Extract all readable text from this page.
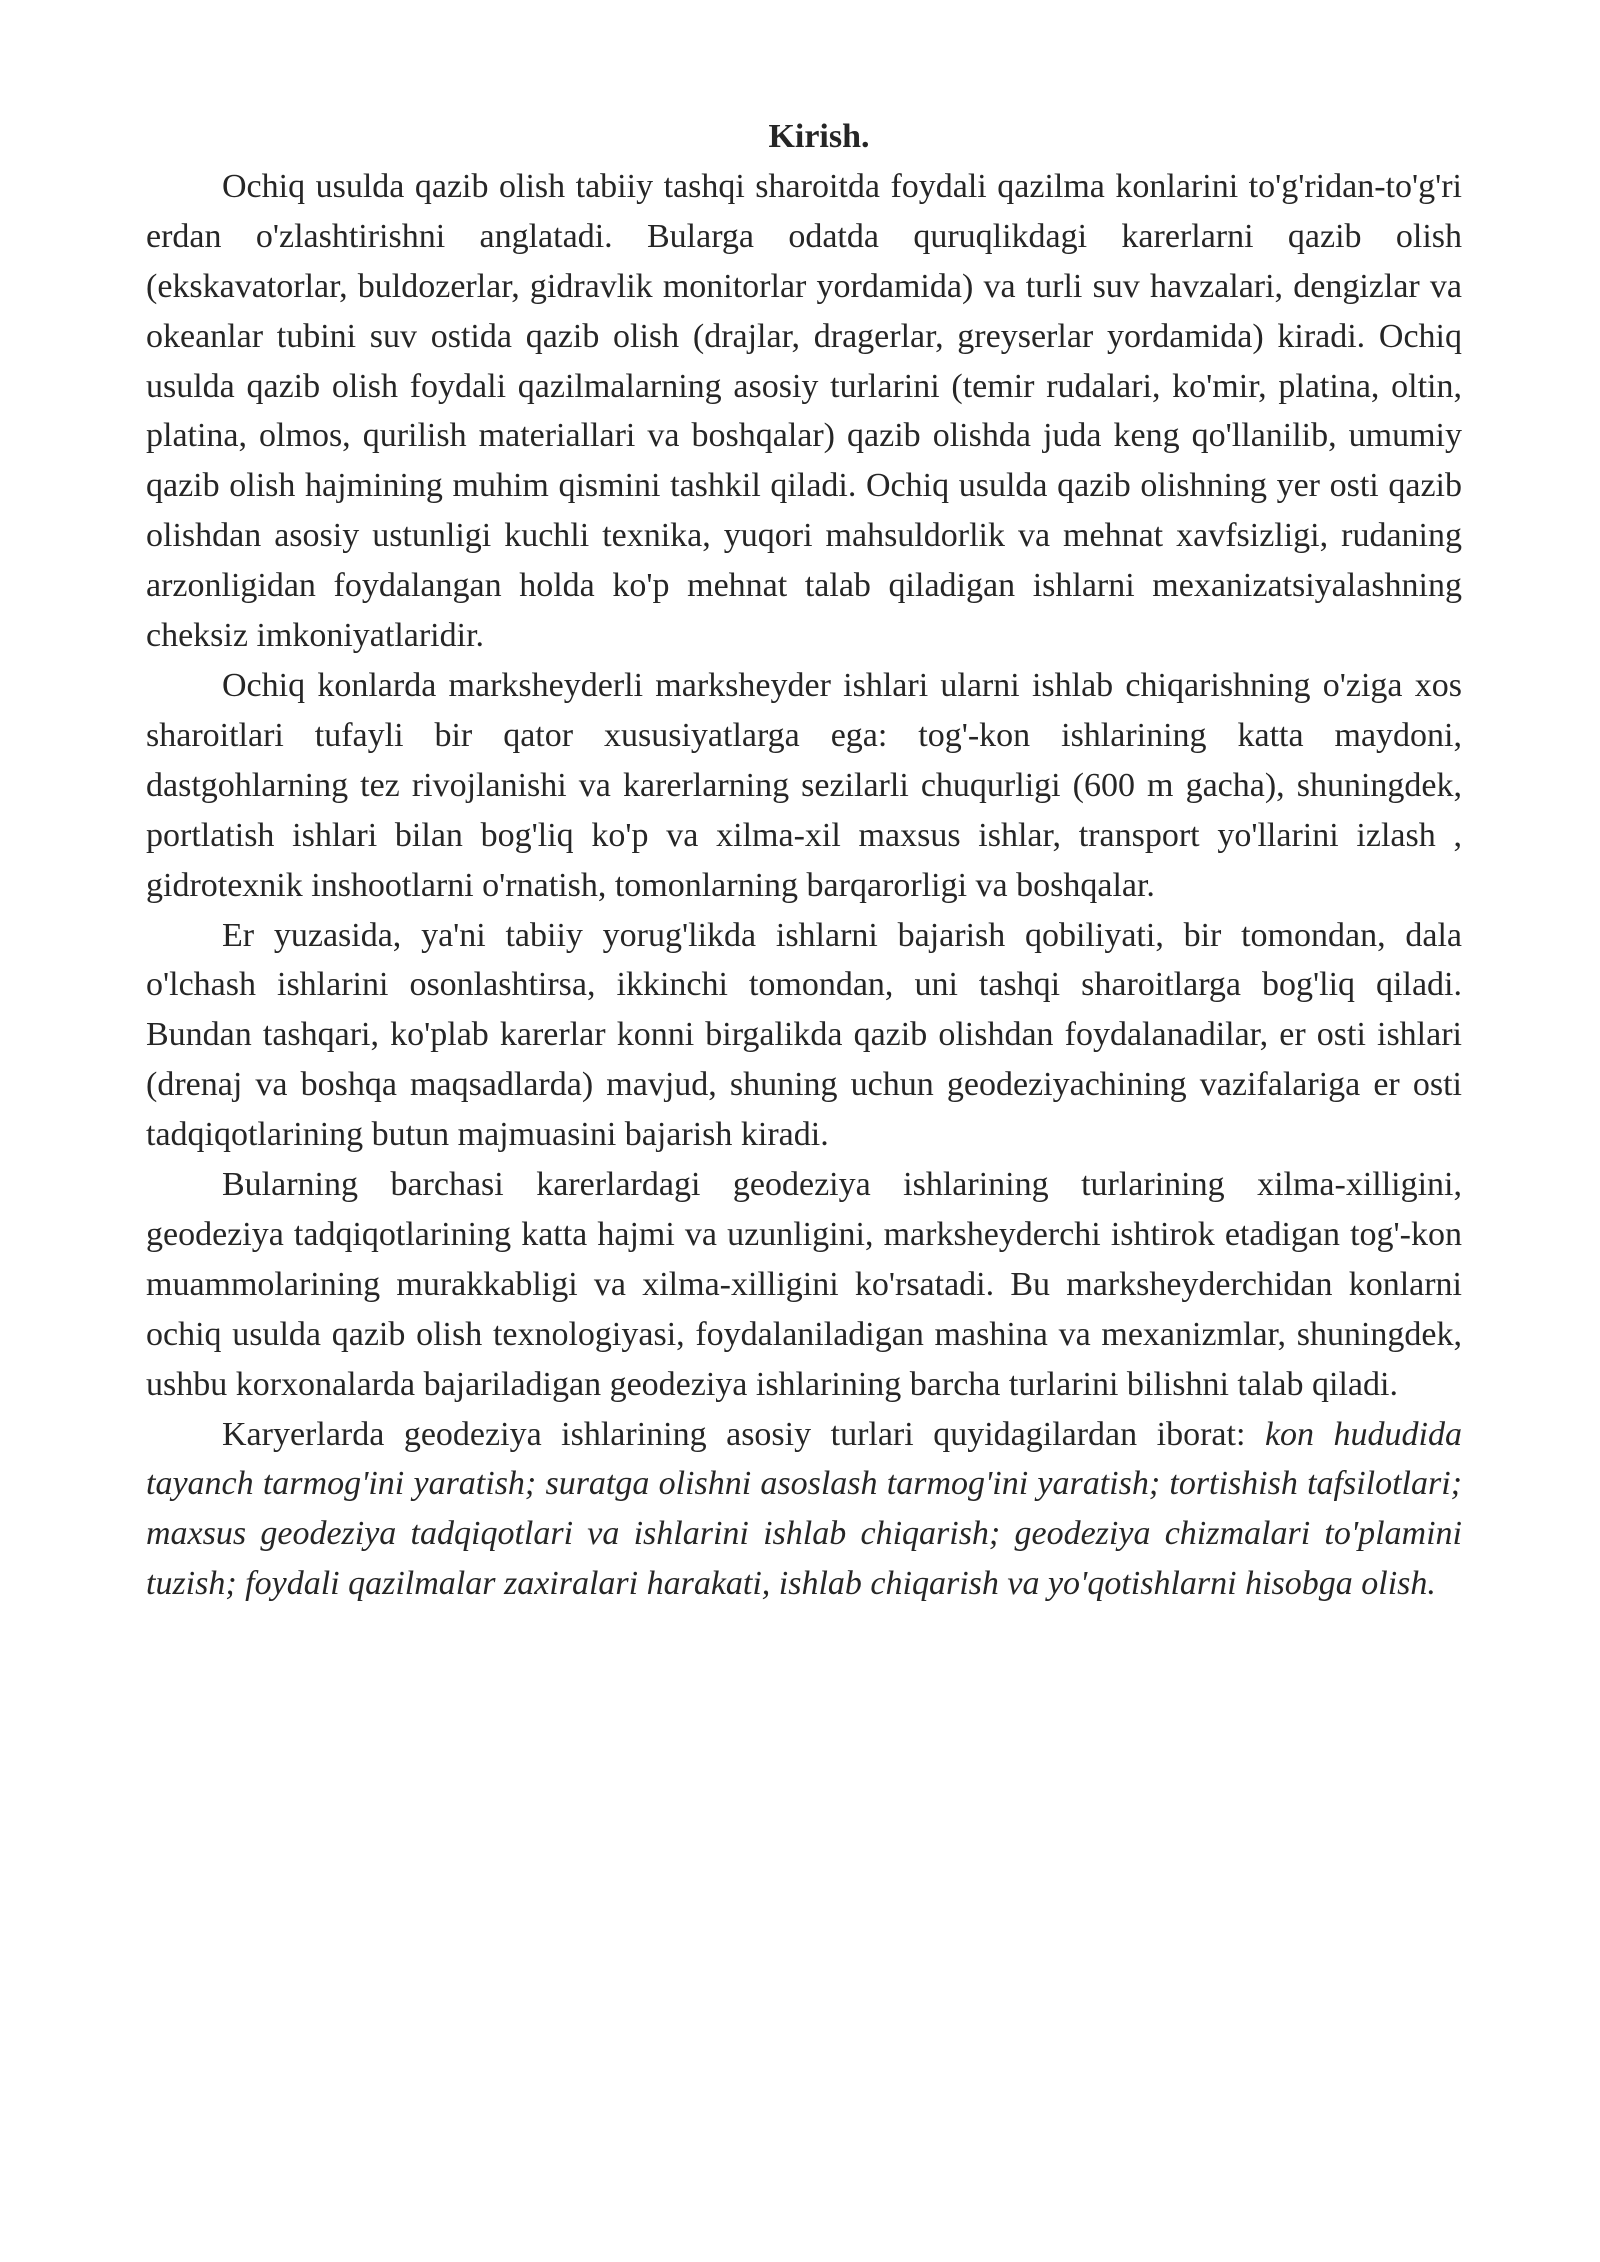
Kirish.

Ochiq usulda qazib olish tabiiy tashqi sharoitda foydali qazilma konlarini to'g'ridan-to'g'ri erdan o'zlashtirishni anglatadi. Bularga odatda quruqlikdagi karerlarni qazib olish (ekskavatorlar, buldozerlar, gidravlik monitorlar yordamida) va turli suv havzalari, dengizlar va okeanlar tubini suv ostida qazib olish (drajlar, dragerlar, greyserlar yordamida) kiradi. Ochiq usulda qazib olish foydali qazilmalarning asosiy turlarini (temir rudalari, ko'mir, platina, oltin, platina, olmos, qurilish materiallari va boshqalar) qazib olishda juda keng qo'llanilib, umumiy qazib olish hajmining muhim qismini tashkil qiladi. Ochiq usulda qazib olishning yer osti qazib olishdan asosiy ustunligi kuchli texnika, yuqori mahsuldorlik va mehnat xavfsizligi, rudaning arzonligidan foydalangan holda ko'p mehnat talab qiladigan ishlarni mexanizatsiyalashning cheksiz imkoniyatlaridir.

Ochiq konlarda marksheyderli marksheyder ishlari ularni ishlab chiqarishning o'ziga xos sharoitlari tufayli bir qator xususiyatlarga ega: tog'-kon ishlarining katta maydoni, dastgohlarning tez rivojlanishi va karerlarning sezilarli chuqurligi (600 m gacha), shuningdek, portlatish ishlari bilan bog'liq ko'p va xilma-xil maxsus ishlar, transport yo'llarini izlash , gidrotexnik inshootlarni o'rnatish, tomonlarning barqarorligi va boshqalar.

Er yuzasida, ya'ni tabiiy yorug'likda ishlarni bajarish qobiliyati, bir tomondan, dala o'lchash ishlarini osonlashtirsa, ikkinchi tomondan, uni tashqi sharoitlarga bog'liq qiladi. Bundan tashqari, ko'plab karerlar konni birgalikda qazib olishdan foydalanadilar, er osti ishlari (drenaj va boshqa maqsadlarda) mavjud, shuning uchun geodeziyachining vazifalariga er osti tadqiqotlarining butun majmuasini bajarish kiradi.

Bularning barchasi karerlardagi geodeziya ishlarining turlarining xilma-xilligini, geodeziya tadqiqotlarining katta hajmi va uzunligini, marksheyderchi ishtirok etadigan tog'-kon muammolarining murakkabligi va xilma-xilligini ko'rsatadi. Bu marksheyderchidan konlarni ochiq usulda qazib olish texnologiyasi, foydalaniladigan mashina va mexanizmlar, shuningdek, ushbu korxonalarda bajariladigan geodeziya ishlarining barcha turlarini bilishni talab qiladi.

Karyerlarda geodeziya ishlarining asosiy turlari quyidagilardan iborat: kon hududida tayanch tarmog'ini yaratish; suratga olishni asoslash tarmog'ini yaratish; tortishish tafsilotlari; maxsus geodeziya tadqiqotlari va ishlarini ishlab chiqarish; geodeziya chizmalari to'plamini tuzish; foydali qazilmalar zaxiralari harakati, ishlab chiqarish va yo'qotishlarni hisobga olish.
